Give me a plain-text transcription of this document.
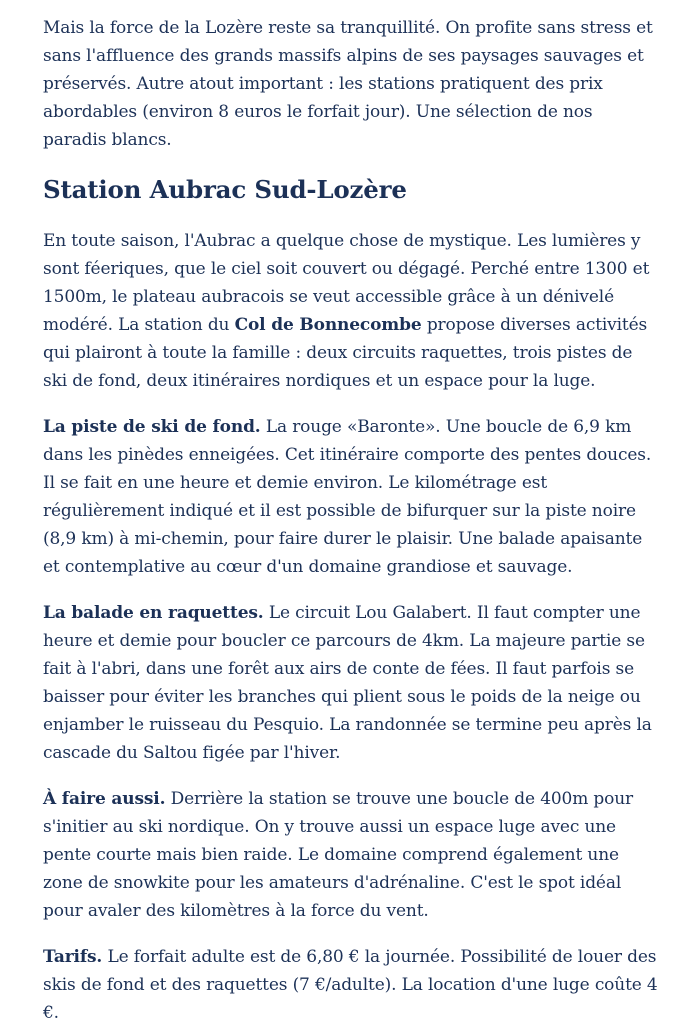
Mais la force de la Lozère reste sa tranquillité. On profite sans stress et sans l'affluence des grands massifs alpins de ses paysages sauvages et préservés. Autre atout important : les stations pratiquent des prix abordables (environ 8 euros le forfait jour). Une sélection de nos paradis blancs.

Station Aubrac Sud-Lozère

En toute saison, l'Aubrac a quelque chose de mystique. Les lumières y sont féeriques, que le ciel soit couvert ou dégagé. Perché entre 1300 et 1500m, le plateau aubracois se veut accessible grâce à un dénivelé modéré. La station du Col de Bonnecombe propose diverses activités qui plairont à toute la famille : deux circuits raquettes, trois pistes de ski de fond, deux itinéraires nordiques et un espace pour la luge.

La piste de ski de fond. La rouge «Baronte». Une boucle de 6,9 km dans les pinèdes enneigées. Cet itinéraire comporte des pentes douces. Il se fait en une heure et demie environ. Le kilométrage est régulièrement indiqué et il est possible de bifurquer sur la piste noire (8,9 km) à mi-chemin, pour faire durer le plaisir. Une balade apaisante et contemplative au cœur d'un domaine grandiose et sauvage.

La balade en raquettes. Le circuit Lou Galabert. Il faut compter une heure et demie pour boucler ce parcours de 4km. La majeure partie se fait à l'abri, dans une forêt aux airs de conte de fées. Il faut parfois se baisser pour éviter les branches qui plient sous le poids de la neige ou enjamber le ruisseau du Pesquio. La randonnée se termine peu après la cascade du Saltou figée par l'hiver.

À faire aussi. Derrière la station se trouve une boucle de 400m pour s'initier au ski nordique. On y trouve aussi un espace luge avec une pente courte mais bien raide. Le domaine comprend également une zone de snowkite pour les amateurs d'adrénaline. C'est le spot idéal pour avaler des kilomètres à la force du vent.

Tarifs. Le forfait adulte est de 6,80 € la journée. Possibilité de louer des skis de fond et des raquettes (7 €/adulte). La location d'une luge coûte 4 €.
